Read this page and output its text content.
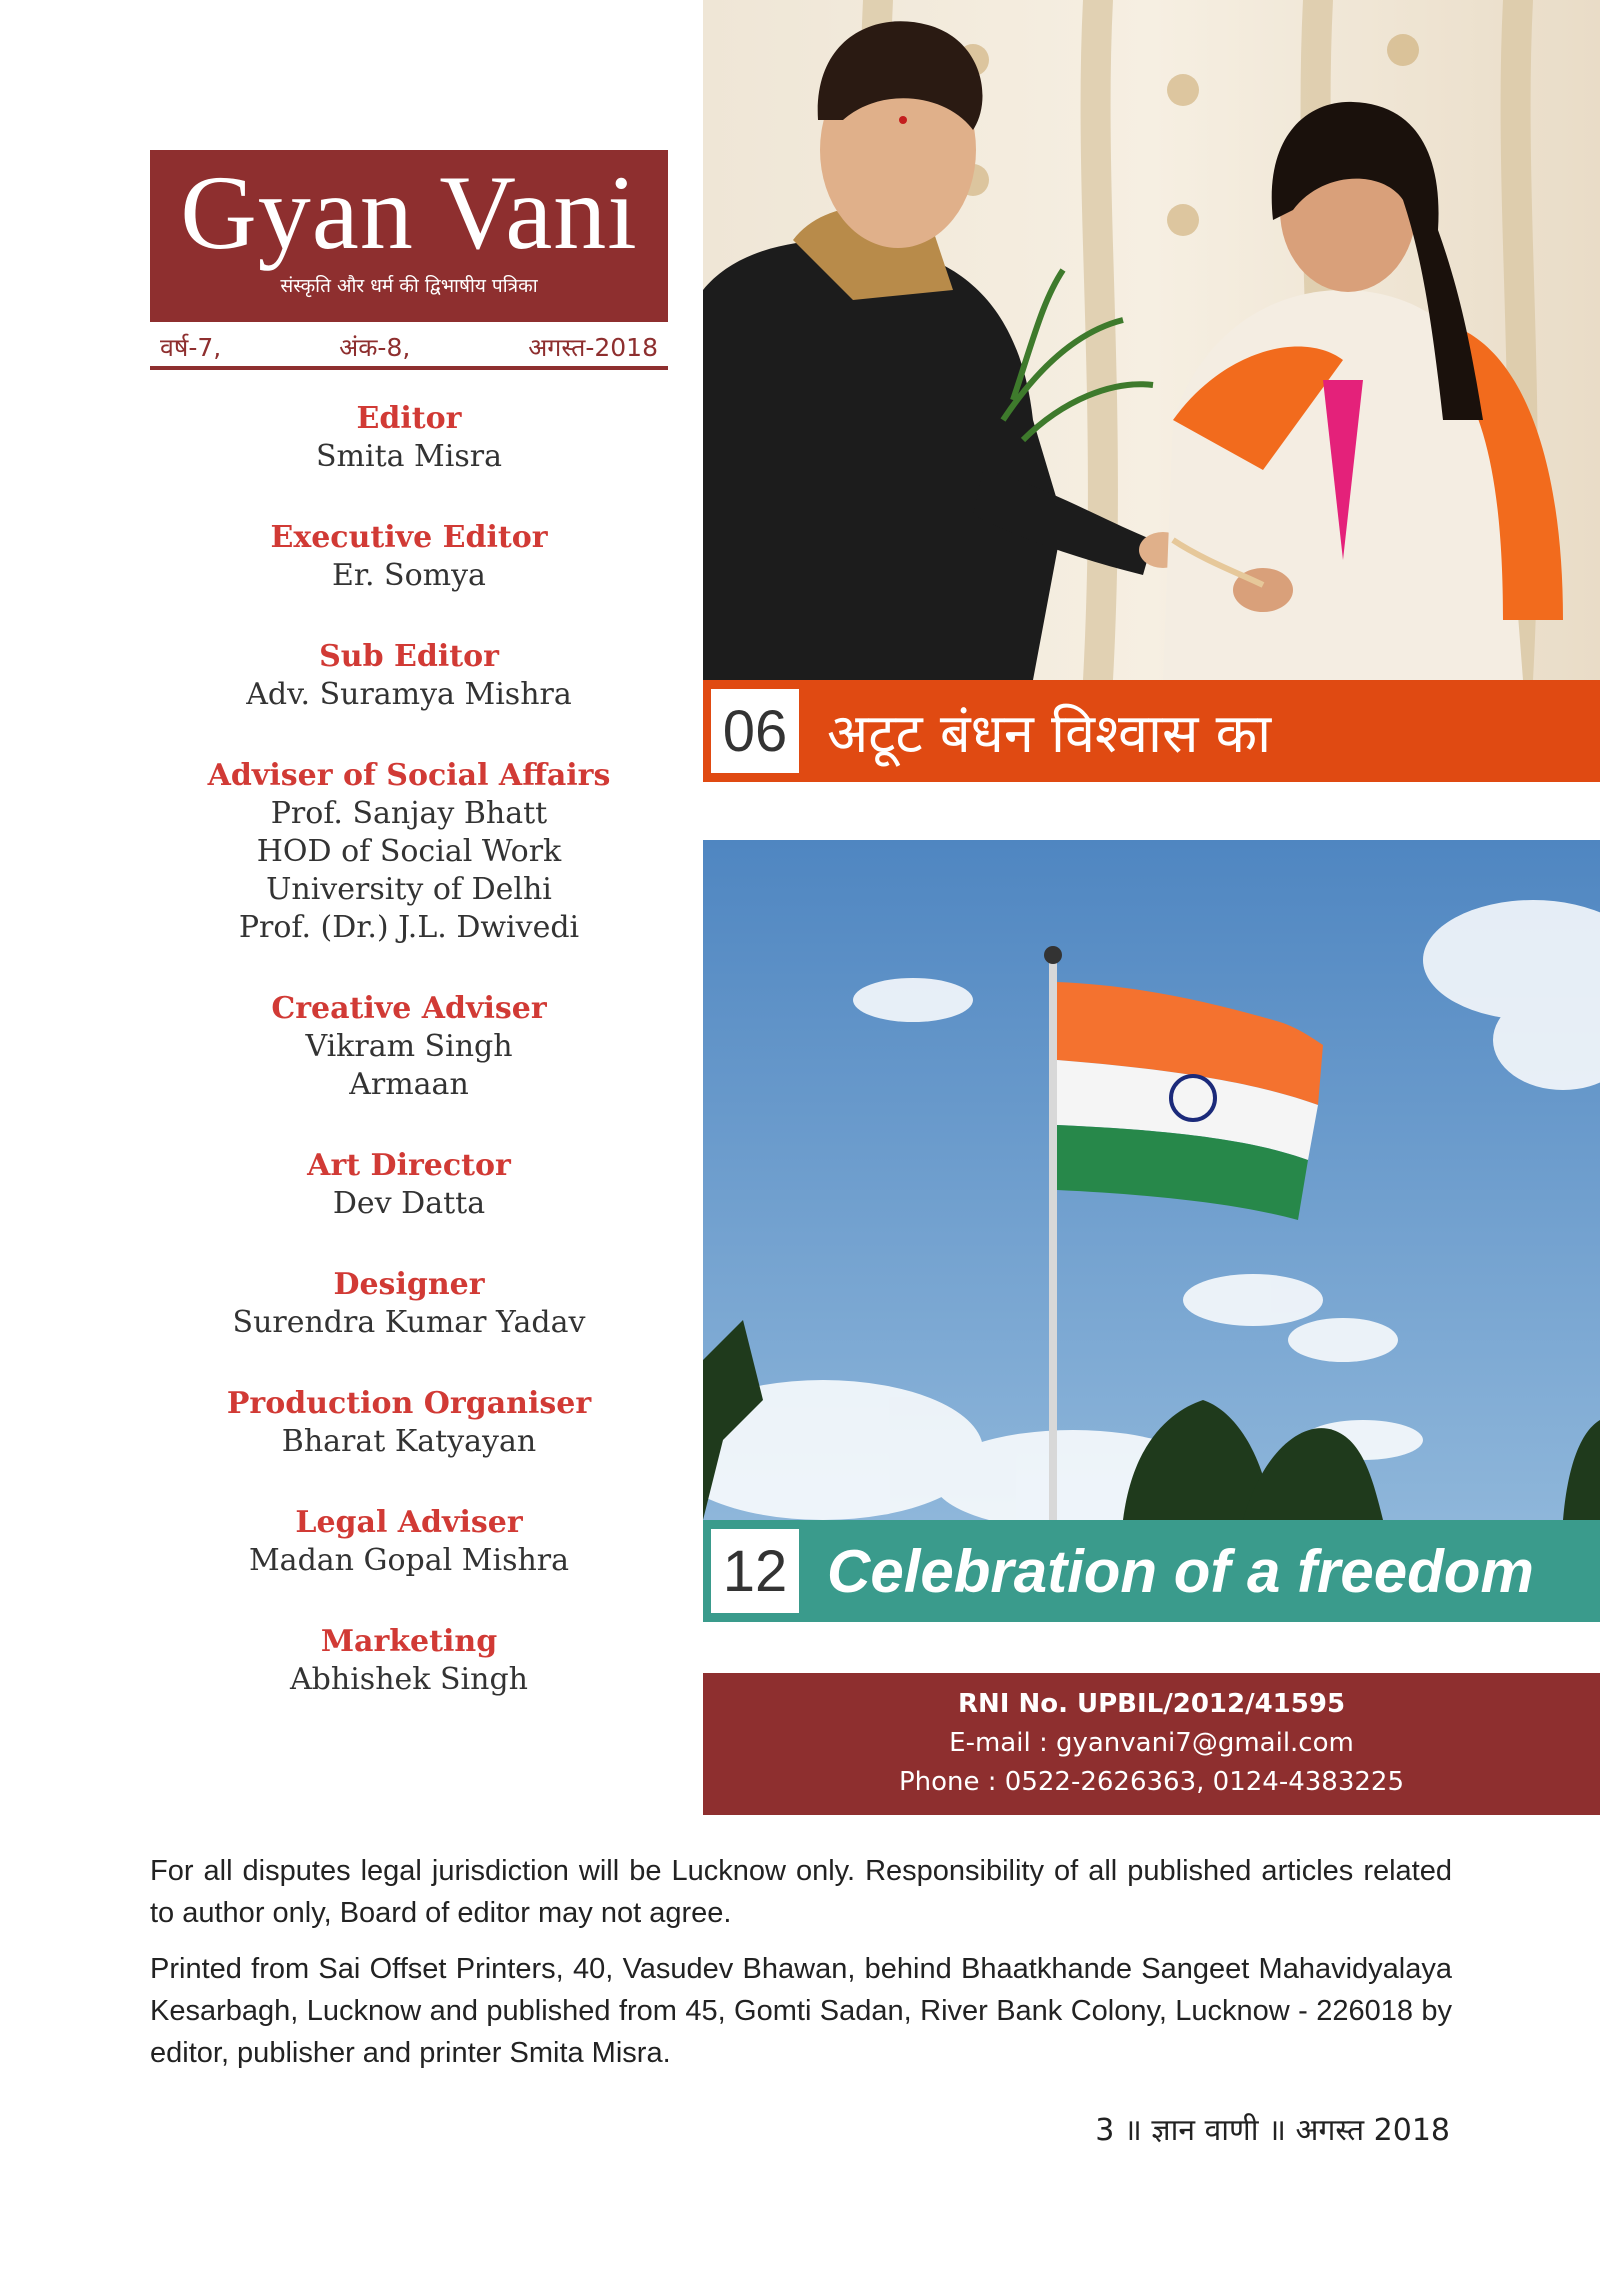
Gyan Vani
संस्कृति और धर्म की द्विभाषीय पत्रिका
वर्ष-7,	अंक-8,	अगस्त-2018
Editor
Smita Misra
Executive Editor
Er. Somya
Sub Editor
Adv. Suramya Mishra
Adviser of Social Affairs
Prof. Sanjay Bhatt
HOD of Social Work
University of Delhi
Prof. (Dr.) J.L. Dwivedi
Creative Adviser
Vikram Singh
Armaan
Art Director
Dev Datta
Designer
Surendra Kumar Yadav
Production Organiser
Bharat Katyayan
Legal Adviser
Madan Gopal Mishra
Marketing
Abhishek Singh
06 अटूट बंधन विश्वास का
12 Celebration of a freedom
RNI No. UPBIL/2012/41595
E-mail : gyanvani7@gmail.com
Phone : 0522-2626363, 0124-4383225
For all disputes legal jurisdiction will be Lucknow only. Responsibility of all published articles related to author only, Board of editor may not agree.
Printed from Sai Offset Printers, 40, Vasudev Bhawan, behind Bhaatkhande Sangeet Mahavidyalaya Kesarbagh, Lucknow and published from 45, Gomti Sadan, River Bank Colony, Lucknow - 226018 by editor, publisher and printer Smita Misra.
3 ॥ ज्ञान वाणी ॥ अगस्त 2018
